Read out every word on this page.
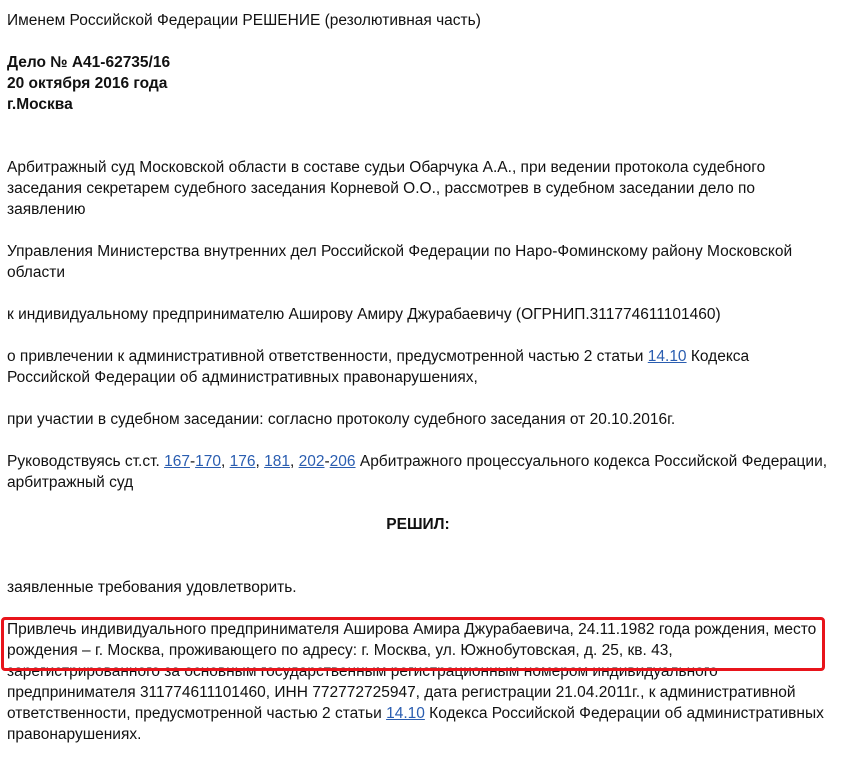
Именем Российской Федерации РЕШЕНИЕ (резолютивная часть)

Дело № А41-62735/16

20 октября 2016 года

г.Москва

Арбитражный суд Московской области в составе судьи Обарчука А.А., при ведении протокола судебного заседания секретарем судебного заседания Корневой О.О., рассмотрев в судебном заседании дело по заявлению

Управления Министерства внутренних дел Российской Федерации по Наро-Фоминскому району Московской области

к индивидуальному предпринимателю Аширову Амиру Джурабаевичу (ОГРНИП.311774611101460)

о привлечении к административной ответственности, предусмотренной частью 2 статьи 14.10 Кодекса Российской Федерации об административных правонарушениях,

при участии в судебном заседании: согласно протоколу судебного заседания от 20.10.2016г.

Руководствуясь ст.ст. 167-170, 176, 181, 202-206 Арбитражного процессуального кодекса Российской Федерации, арбитражный суд

РЕШИЛ:

заявленные требования удовлетворить.

Привлечь индивидуального предпринимателя Аширова Амира Джурабаевича, 24.11.1982 года рождения, место рождения – г. Москва, проживающего по адресу: г. Москва, ул. Южнобутовская, д. 25, кв. 43, зарегистрированного за основным государственным регистрационным номером индивидуального предпринимателя 311774611101460, ИНН 772772725947, дата регистрации 21.04.2011г., к административной ответственности, предусмотренной частью 2 статьи 14.10 Кодекса Российской Федерации об административных правонарушениях.
